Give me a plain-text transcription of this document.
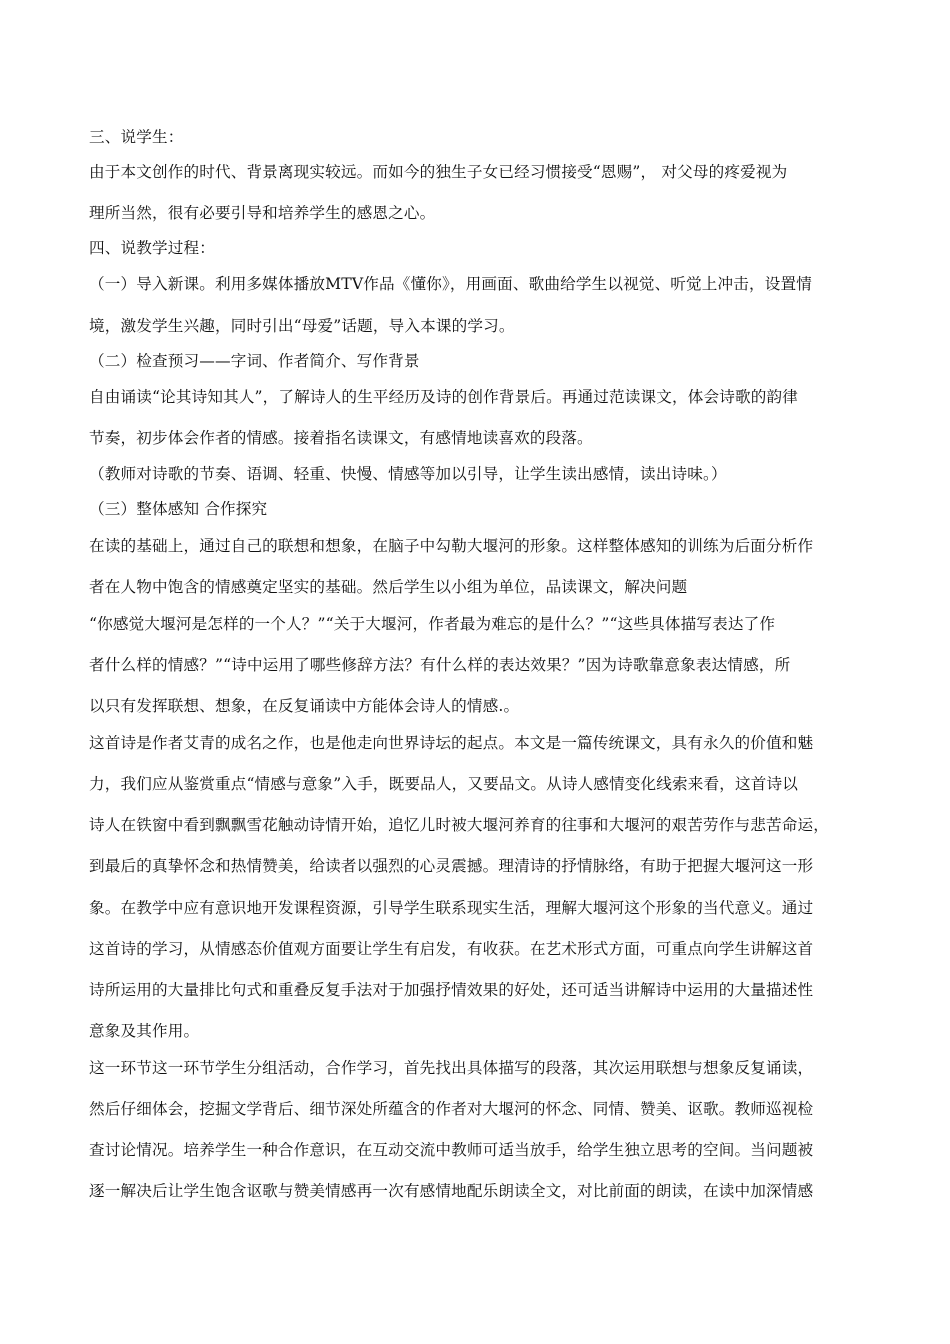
三、说学生：
由于本文创作的时代、背景离现实较远。而如今的独生子女已经习惯接受“恩赐”， 对父母的疼爱视为
理所当然，很有必要引导和培养学生的感恩之心。
四、说教学过程：
（一）导入新课。利用多媒体播放MTV作品《懂你》，用画面、歌曲给学生以视觉、听觉上冲击，设置情
境，激发学生兴趣，同时引出“母爱”话题，导入本课的学习。
（二）检查预习——字词、作者简介、写作背景
自由诵读“论其诗知其人”，了解诗人的生平经历及诗的创作背景后。再通过范读课文，体会诗歌的韵律
节奏，初步体会作者的情感。接着指名读课文，有感情地读喜欢的段落。
（教师对诗歌的节奏、语调、轻重、快慢、情感等加以引导，让学生读出感情，读出诗味。）
（三）整体感知 合作探究
在读的基础上，通过自己的联想和想象，在脑子中勾勒大堰河的形象。这样整体感知的训练为后面分析作
者在人物中饱含的情感奠定坚实的基础。然后学生以小组为单位，品读课文，解决问题
“你感觉大堰河是怎样的一个人？”“关于大堰河，作者最为难忘的是什么？”“这些具体描写表达了作
者什么样的情感？”“诗中运用了哪些修辞方法？有什么样的表达效果？”因为诗歌靠意象表达情感，所
以只有发挥联想、想象，在反复诵读中方能体会诗人的情感.。
这首诗是作者艾青的成名之作，也是他走向世界诗坛的起点。本文是一篇传统课文，具有永久的价值和魅
力，我们应从鉴赏重点“情感与意象”入手，既要品人，又要品文。从诗人感情变化线索来看，这首诗以
诗人在铁窗中看到飘飘雪花触动诗情开始，追忆儿时被大堰河养育的往事和大堰河的艰苦劳作与悲苦命运，
到最后的真挚怀念和热情赞美，给读者以强烈的心灵震撼。理清诗的抒情脉络，有助于把握大堰河这一形
象。在教学中应有意识地开发课程资源，引导学生联系现实生活，理解大堰河这个形象的当代意义。通过
这首诗的学习，从情感态价值观方面要让学生有启发，有收获。在艺术形式方面，可重点向学生讲解这首
诗所运用的大量排比句式和重叠反复手法对于加强抒情效果的好处，还可适当讲解诗中运用的大量描述性
意象及其作用。
这一环节这一环节学生分组活动，合作学习，首先找出具体描写的段落，其次运用联想与想象反复诵读，
然后仔细体会，挖掘文学背后、细节深处所蕴含的作者对大堰河的怀念、同情、赞美、讴歌。教师巡视检
查讨论情况。培养学生一种合作意识，在互动交流中教师可适当放手，给学生独立思考的空间。当问题被
逐一解决后让学生饱含讴歌与赞美情感再一次有感情地配乐朗读全文，对比前面的朗读，在读中加深情感
